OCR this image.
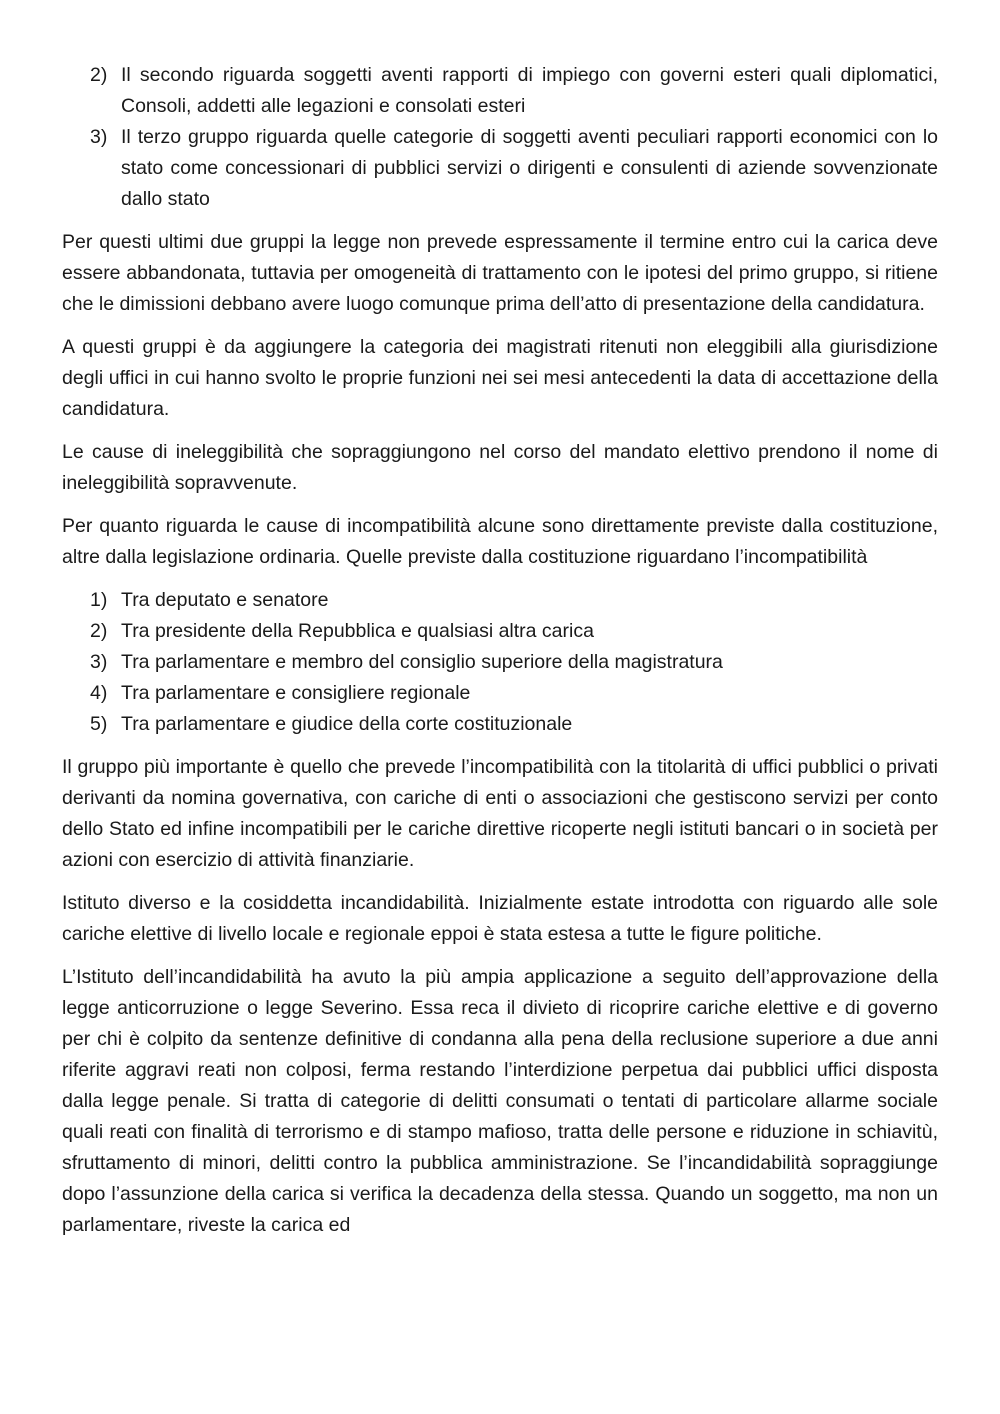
2) Il secondo riguarda soggetti aventi rapporti di impiego con governi esteri quali diplomatici, Consoli, addetti alle legazioni e consolati esteri
3) Il terzo gruppo riguarda quelle categorie di soggetti aventi peculiari rapporti economici con lo stato come concessionari di pubblici servizi o dirigenti e consulenti di aziende sovvenzionate dallo stato

Per questi ultimi due gruppi la legge non prevede espressamente il termine entro cui la carica deve essere abbandonata, tuttavia per omogeneità di trattamento con le ipotesi del primo gruppo, si ritiene che le dimissioni debbano avere luogo comunque prima dell’atto di presentazione della candidatura.

A questi gruppi è da aggiungere la categoria dei magistrati ritenuti non eleggibili alla giurisdizione degli uffici in cui hanno svolto le proprie funzioni nei sei mesi antecedenti la data di accettazione della candidatura.

Le cause di ineleggibilità che sopraggiungono nel corso del mandato elettivo prendono il nome di ineleggibilità sopravvenute.

Per quanto riguarda le cause di incompatibilità alcune sono direttamente previste dalla costituzione, altre dalla legislazione ordinaria. Quelle previste dalla costituzione riguardano l’incompatibilità

1) Tra deputato e senatore
2) Tra presidente della Repubblica e qualsiasi altra carica
3) Tra parlamentare e membro del consiglio superiore della magistratura
4) Tra parlamentare e consigliere regionale
5) Tra parlamentare e giudice della corte costituzionale

Il gruppo più importante è quello che prevede l’incompatibilità con la titolarità di uffici pubblici o privati derivanti da nomina governativa, con cariche di enti o associazioni che gestiscono servizi per conto dello Stato ed infine incompatibili per le cariche direttive ricoperte negli istituti bancari o in società per azioni con esercizio di attività finanziarie.

Istituto diverso e la cosiddetta incandidabilità. Inizialmente estate introdotta con riguardo alle sole cariche elettive di livello locale e regionale eppoi è stata estesa a tutte le figure politiche.

L’Istituto dell’incandidabilità ha avuto la più ampia applicazione a seguito dell’approvazione della legge anticorruzione o legge Severino. Essa reca il divieto di ricoprire cariche elettive e di governo per chi è colpito da sentenze definitive di condanna alla pena della reclusione superiore a due anni riferite aggravi reati non colposi, ferma restando l’interdizione perpetua dai pubblici uffici disposta dalla legge penale. Si tratta di categorie di delitti consumati o tentati di particolare allarme sociale quali reati con finalità di terrorismo e di stampo mafioso, tratta delle persone e riduzione in schiavitù, sfruttamento di minori, delitti contro la pubblica amministrazione. Se l’incandidabilità sopraggiunge dopo l’assunzione della carica si verifica la decadenza della stessa. Quando un soggetto, ma non un parlamentare, riveste la carica ed
